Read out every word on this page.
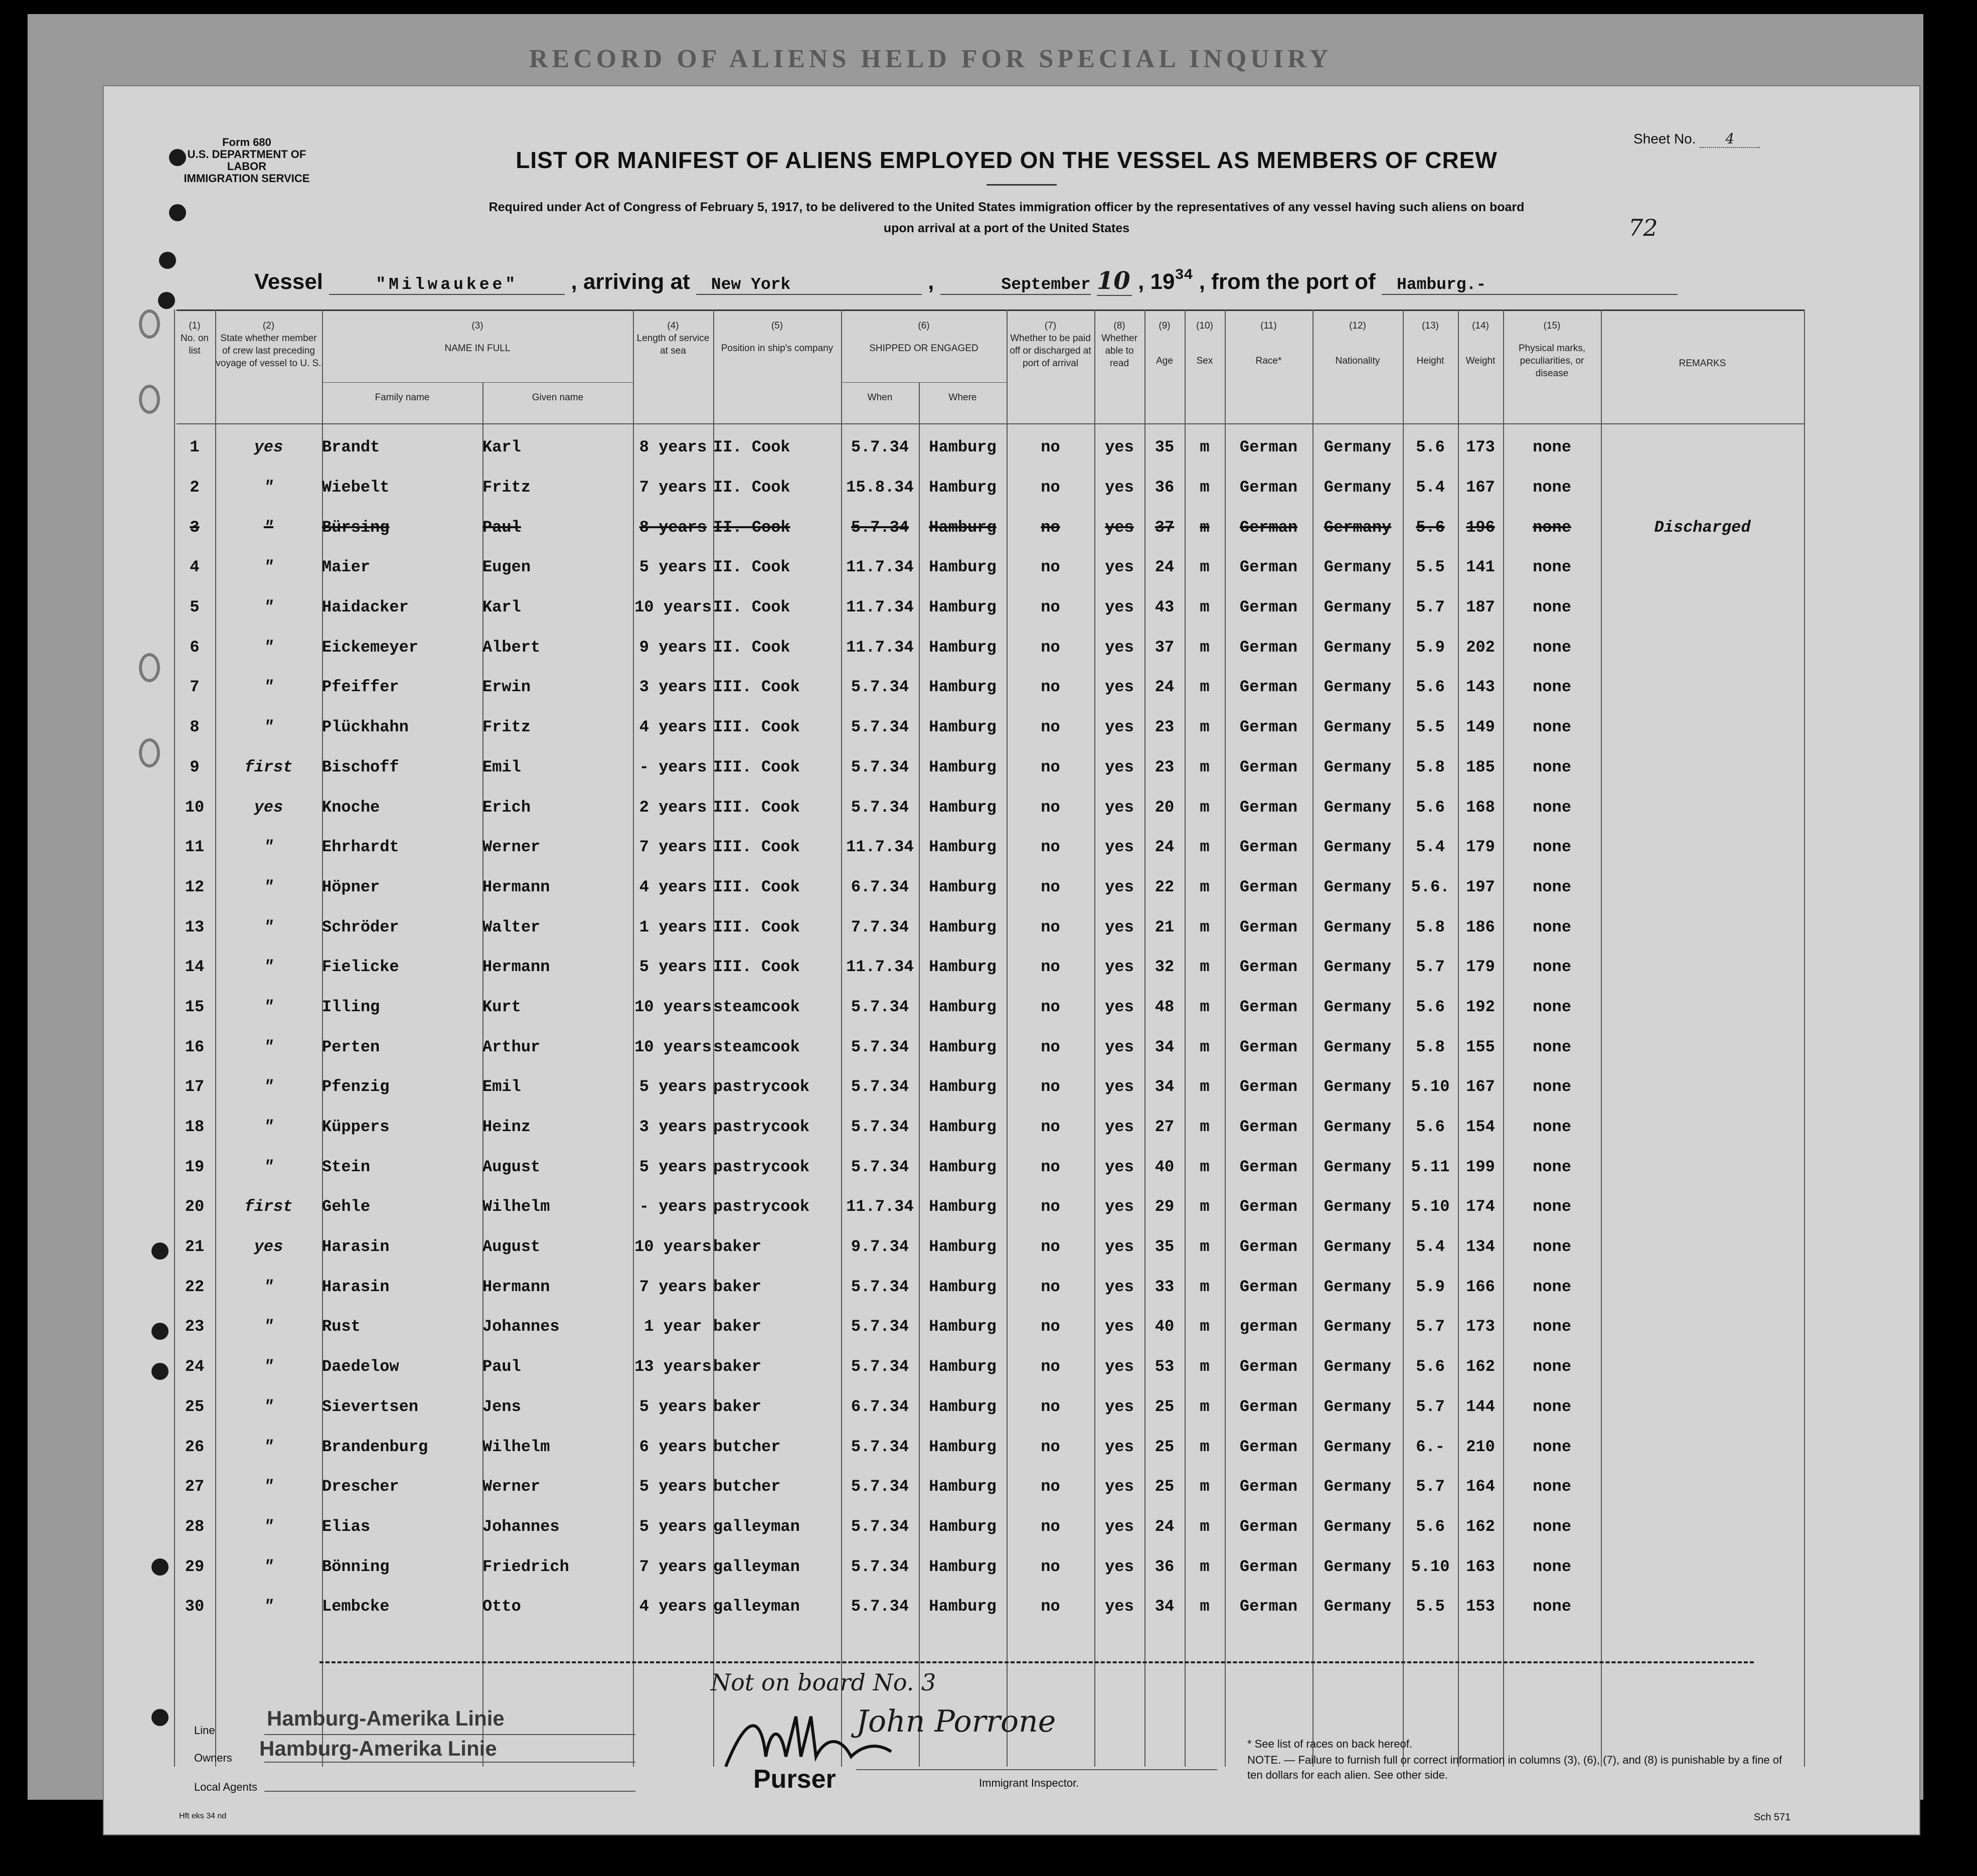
RECORD OF ALIENS HELD FOR SPECIAL INQUIRY
Form 680
U.S. DEPARTMENT OF LABOR
IMMIGRATION SERVICE
Sheet No. 4
LIST OR MANIFEST OF ALIENS EMPLOYED ON THE VESSEL AS MEMBERS OF CREW
Required under Act of Congress of February 5, 1917, to be delivered to the United States immigration officer by the representatives of any vessel having such aliens on board
upon arrival at a port of the United States	72
Vessel	"Milwaukee" , arriving at New York	,	September 10 , $19^{34}$ , from the port of Hamburg.-
(1)
No. on list
(2)
State whether member of crew last preceding voyage of vessel to U. S.
(3)
NAME IN FULL
Family name	Given name
(4)
Length of service at sea
(5)
Position in ship's company
(6)
SHIPPED OR ENGAGED
When	Where
(7)
Whether to be paid off or discharged at port of arrival
(8)
Whether able to read
(9)
Age
(10)
Sex
(11)
Race*
(12)
Nationality
(13)
Height
(14)
Weight
(15)
Physical marks, peculiarities, or disease
REMARKS
1	yes	Brandt	Karl	8 years	II. Cook	5.7.34	Hamburg	no	yes	35	m	German	Germany	5.6	173	none	
2	"	Wiebelt	Fritz	7 years	II. Cook	15.8.34	Hamburg	no	yes	36	m	German	Germany	5.4	167	none	
3	"	Bürsing	Paul	8 years	II. Cook	5.7.34	Hamburg	no	yes	37	m	German	Germany	5.6	196	none	Discharged
4	"	Maier	Eugen	5 years	II. Cook	11.7.34	Hamburg	no	yes	24	m	German	Germany	5.5	141	none	
5	"	Haidacker	Karl	10 years	II. Cook	11.7.34	Hamburg	no	yes	43	m	German	Germany	5.7	187	none	
6	"	Eickemeyer	Albert	9 years	II. Cook	11.7.34	Hamburg	no	yes	37	m	German	Germany	5.9	202	none	
7	"	Pfeiffer	Erwin	3 years	III. Cook	5.7.34	Hamburg	no	yes	24	m	German	Germany	5.6	143	none	
8	"	Plückhahn	Fritz	4 years	III. Cook	5.7.34	Hamburg	no	yes	23	m	German	Germany	5.5	149	none	
9	first	Bischoff	Emil	- years	III. Cook	5.7.34	Hamburg	no	yes	23	m	German	Germany	5.8	185	none	
10	yes	Knoche	Erich	2 years	III. Cook	5.7.34	Hamburg	no	yes	20	m	German	Germany	5.6	168	none	
11	"	Ehrhardt	Werner	7 years	III. Cook	11.7.34	Hamburg	no	yes	24	m	German	Germany	5.4	179	none	
12	"	Höpner	Hermann	4 years	III. Cook	6.7.34	Hamburg	no	yes	22	m	German	Germany	5.6.	197	none	
13	"	Schröder	Walter	1 years	III. Cook	7.7.34	Hamburg	no	yes	21	m	German	Germany	5.8	186	none	
14	"	Fielicke	Hermann	5 years	III. Cook	11.7.34	Hamburg	no	yes	32	m	German	Germany	5.7	179	none	
15	"	Illing	Kurt	10 years	steamcook	5.7.34	Hamburg	no	yes	48	m	German	Germany	5.6	192	none	
16	"	Perten	Arthur	10 years	steamcook	5.7.34	Hamburg	no	yes	34	m	German	Germany	5.8	155	none	
17	"	Pfenzig	Emil	5 years	pastrycook	5.7.34	Hamburg	no	yes	34	m	German	Germany	5.10	167	none	
18	"	Küppers	Heinz	3 years	pastrycook	5.7.34	Hamburg	no	yes	27	m	German	Germany	5.6	154	none	
19	"	Stein	August	5 years	pastrycook	5.7.34	Hamburg	no	yes	40	m	German	Germany	5.11	199	none	
20	first	Gehle	Wilhelm	- years	pastrycook	11.7.34	Hamburg	no	yes	29	m	German	Germany	5.10	174	none	
21	yes	Harasin	August	10 years	baker	9.7.34	Hamburg	no	yes	35	m	German	Germany	5.4	134	none	
22	"	Harasin	Hermann	7 years	baker	5.7.34	Hamburg	no	yes	33	m	German	Germany	5.9	166	none	
23	"	Rust	Johannes	1 year	baker	5.7.34	Hamburg	no	yes	40	m	german	Germany	5.7	173	none	
24	"	Daedelow	Paul	13 years	baker	5.7.34	Hamburg	no	yes	53	m	German	Germany	5.6	162	none	
25	"	Sievertsen	Jens	5 years	baker	6.7.34	Hamburg	no	yes	25	m	German	Germany	5.7	144	none	
26	"	Brandenburg	Wilhelm	6 years	butcher	5.7.34	Hamburg	no	yes	25	m	German	Germany	6.-	210	none	
27	"	Drescher	Werner	5 years	butcher	5.7.34	Hamburg	no	yes	25	m	German	Germany	5.7	164	none	
28	"	Elias	Johannes	5 years	galleyman	5.7.34	Hamburg	no	yes	24	m	German	Germany	5.6	162	none	
29	"	Bönning	Friedrich	7 years	galleyman	5.7.34	Hamburg	no	yes	36	m	German	Germany	5.10	163	none	
30	"	Lembcke	Otto	4 years	galleyman	5.7.34	Hamburg	no	yes	34	m	German	Germany	5.5	153	none	
Not on board No. 3
Line
Hamburg-Amerika Linie
Owners Hamburg-Amerika Linie
Local Agents	Purser
John Porrone
Immigrant Inspector.
* See list of races on back hereof.
NOTE. — Failure to furnish full or correct information in columns (3), (6), (7), and (8) is punishable by a fine of ten dollars for each alien. See other side.
Hft eks 34 nd	Sch 571
